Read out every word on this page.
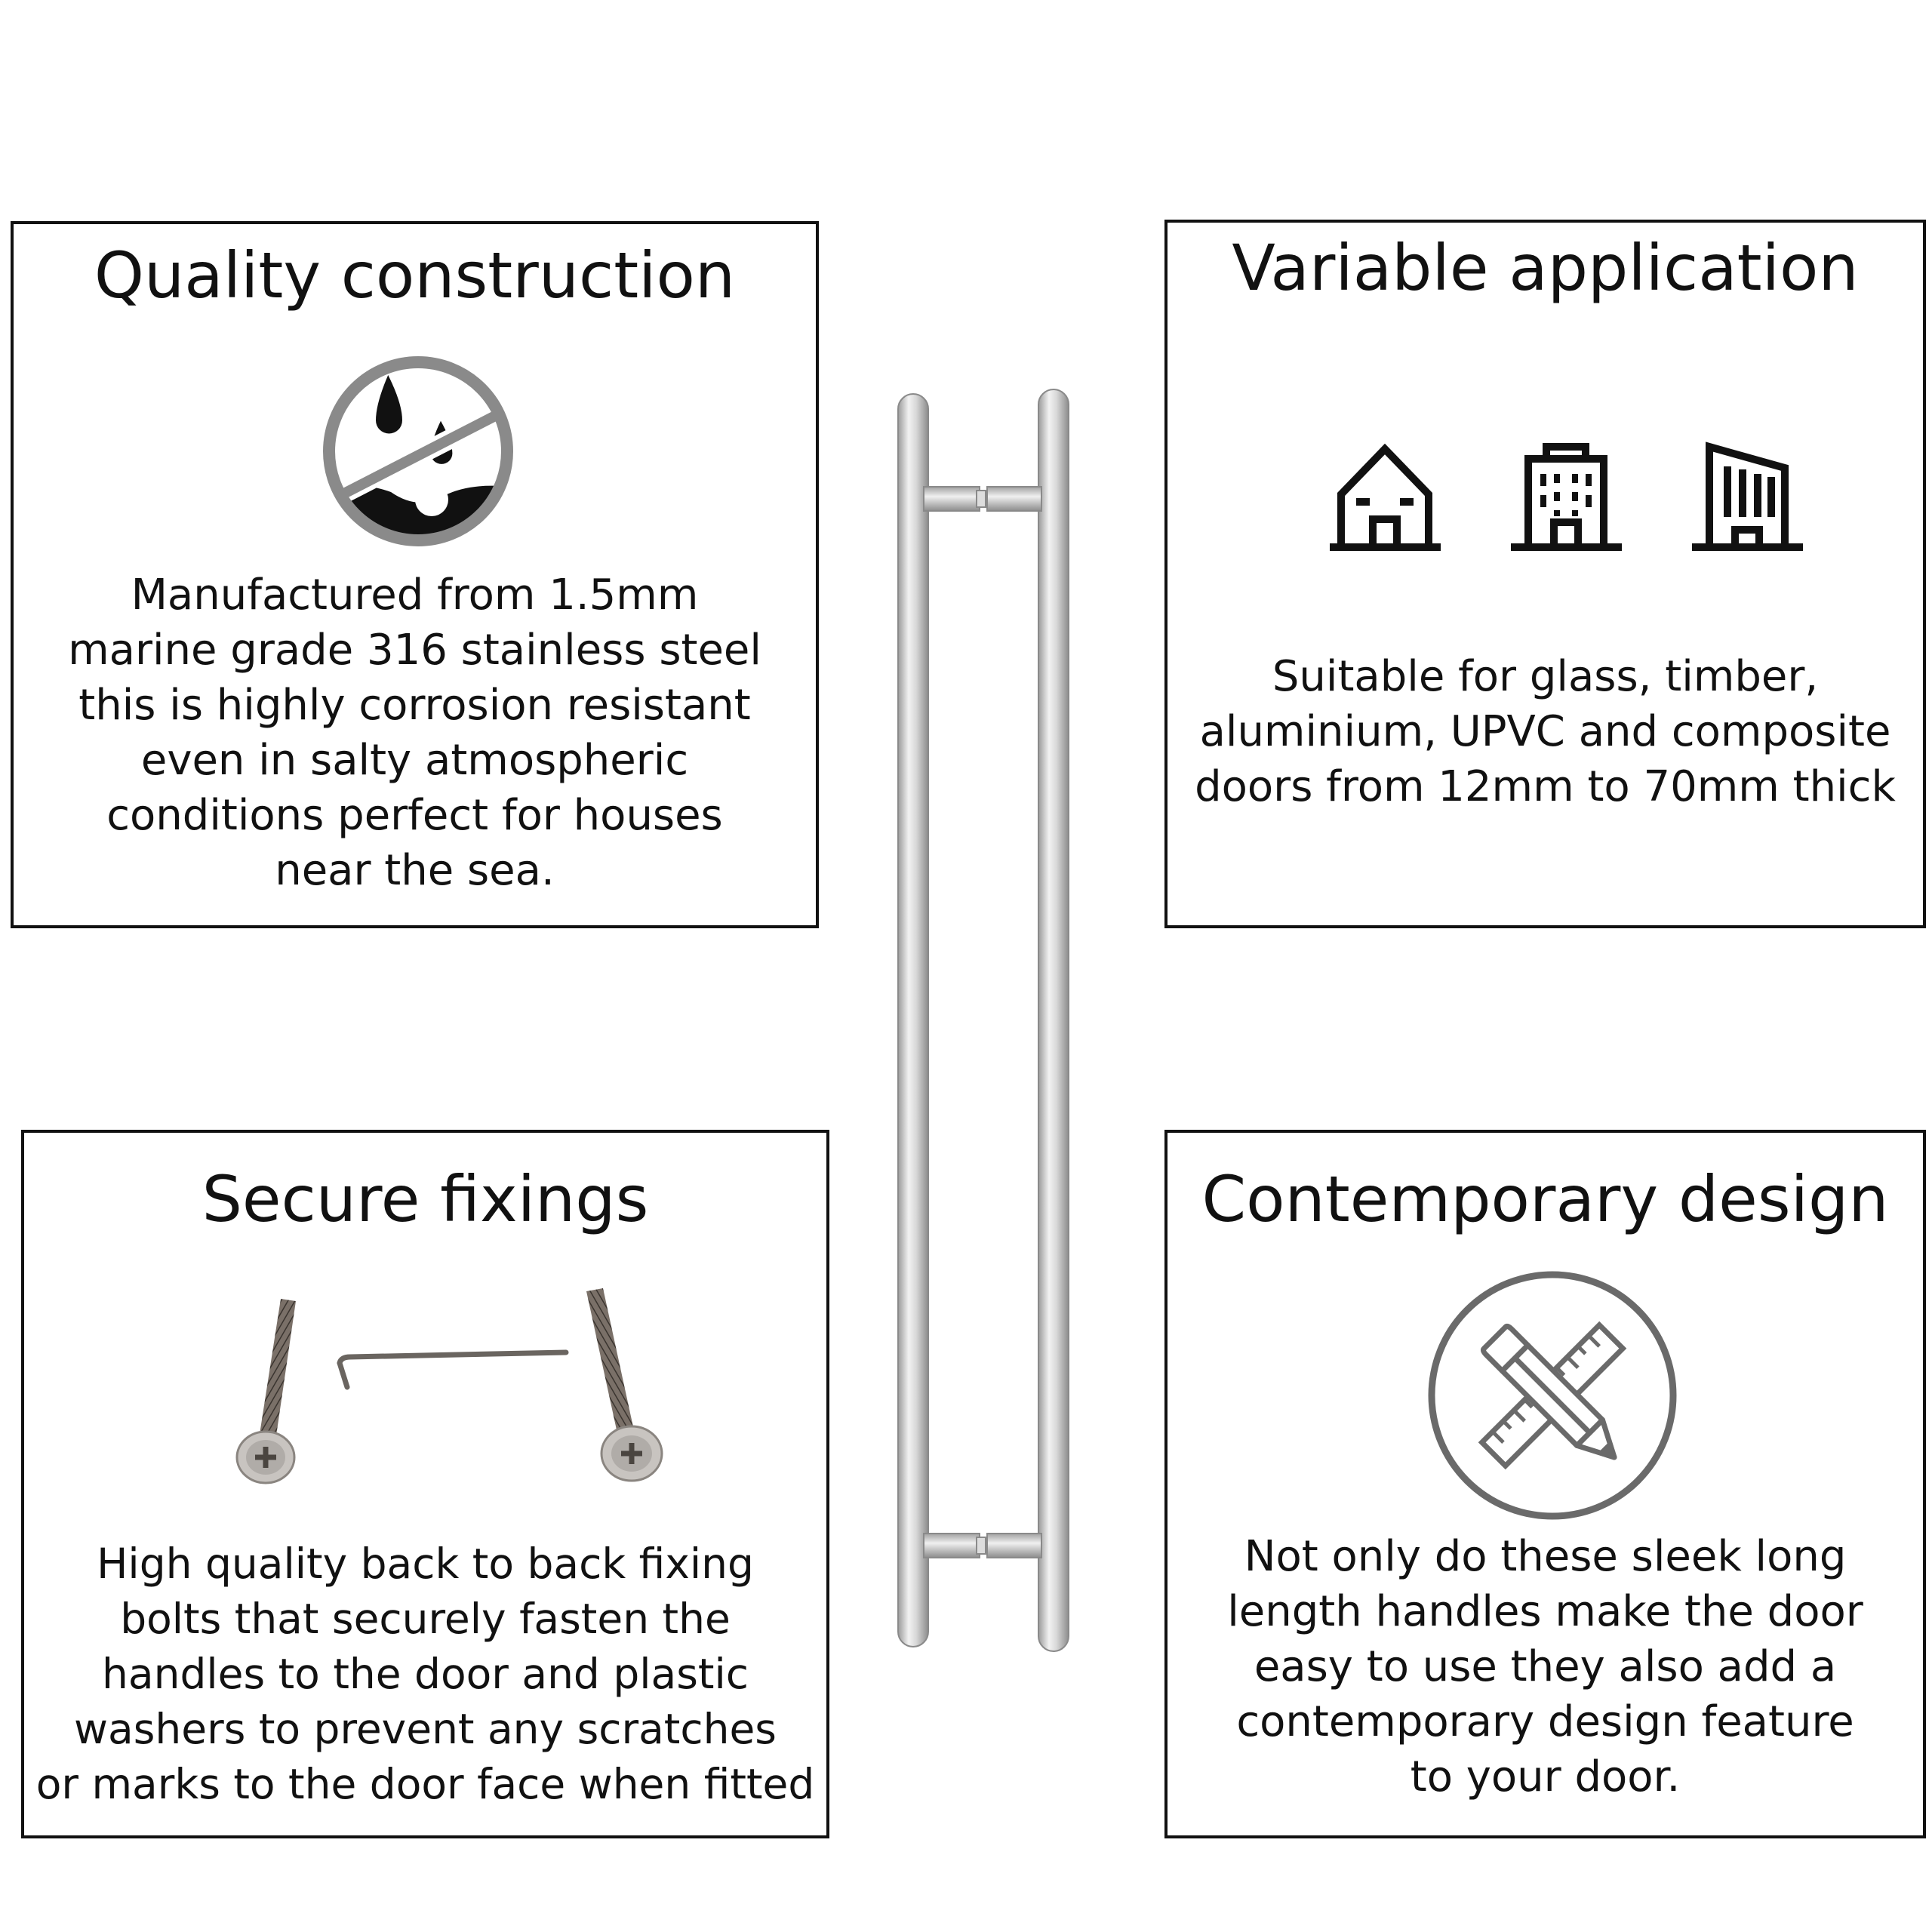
Quality construction
Manufactured from 1.5mm
marine grade 316 stainless steel
this is highly corrosion resistant
even in salty atmospheric
conditions perfect for houses
near the sea.
Variable application
Suitable for glass, timber,
aluminium, UPVC and composite
doors from 12mm to 70mm thick
Secure fixings
High quality back to back fixing
bolts that securely fasten the
handles to the door and plastic
washers to prevent any scratches
or marks to the door face when fitted
Contemporary design
Not only do these sleek long
length handles make the door
easy to use they also add a
contemporary design feature
to your door.
